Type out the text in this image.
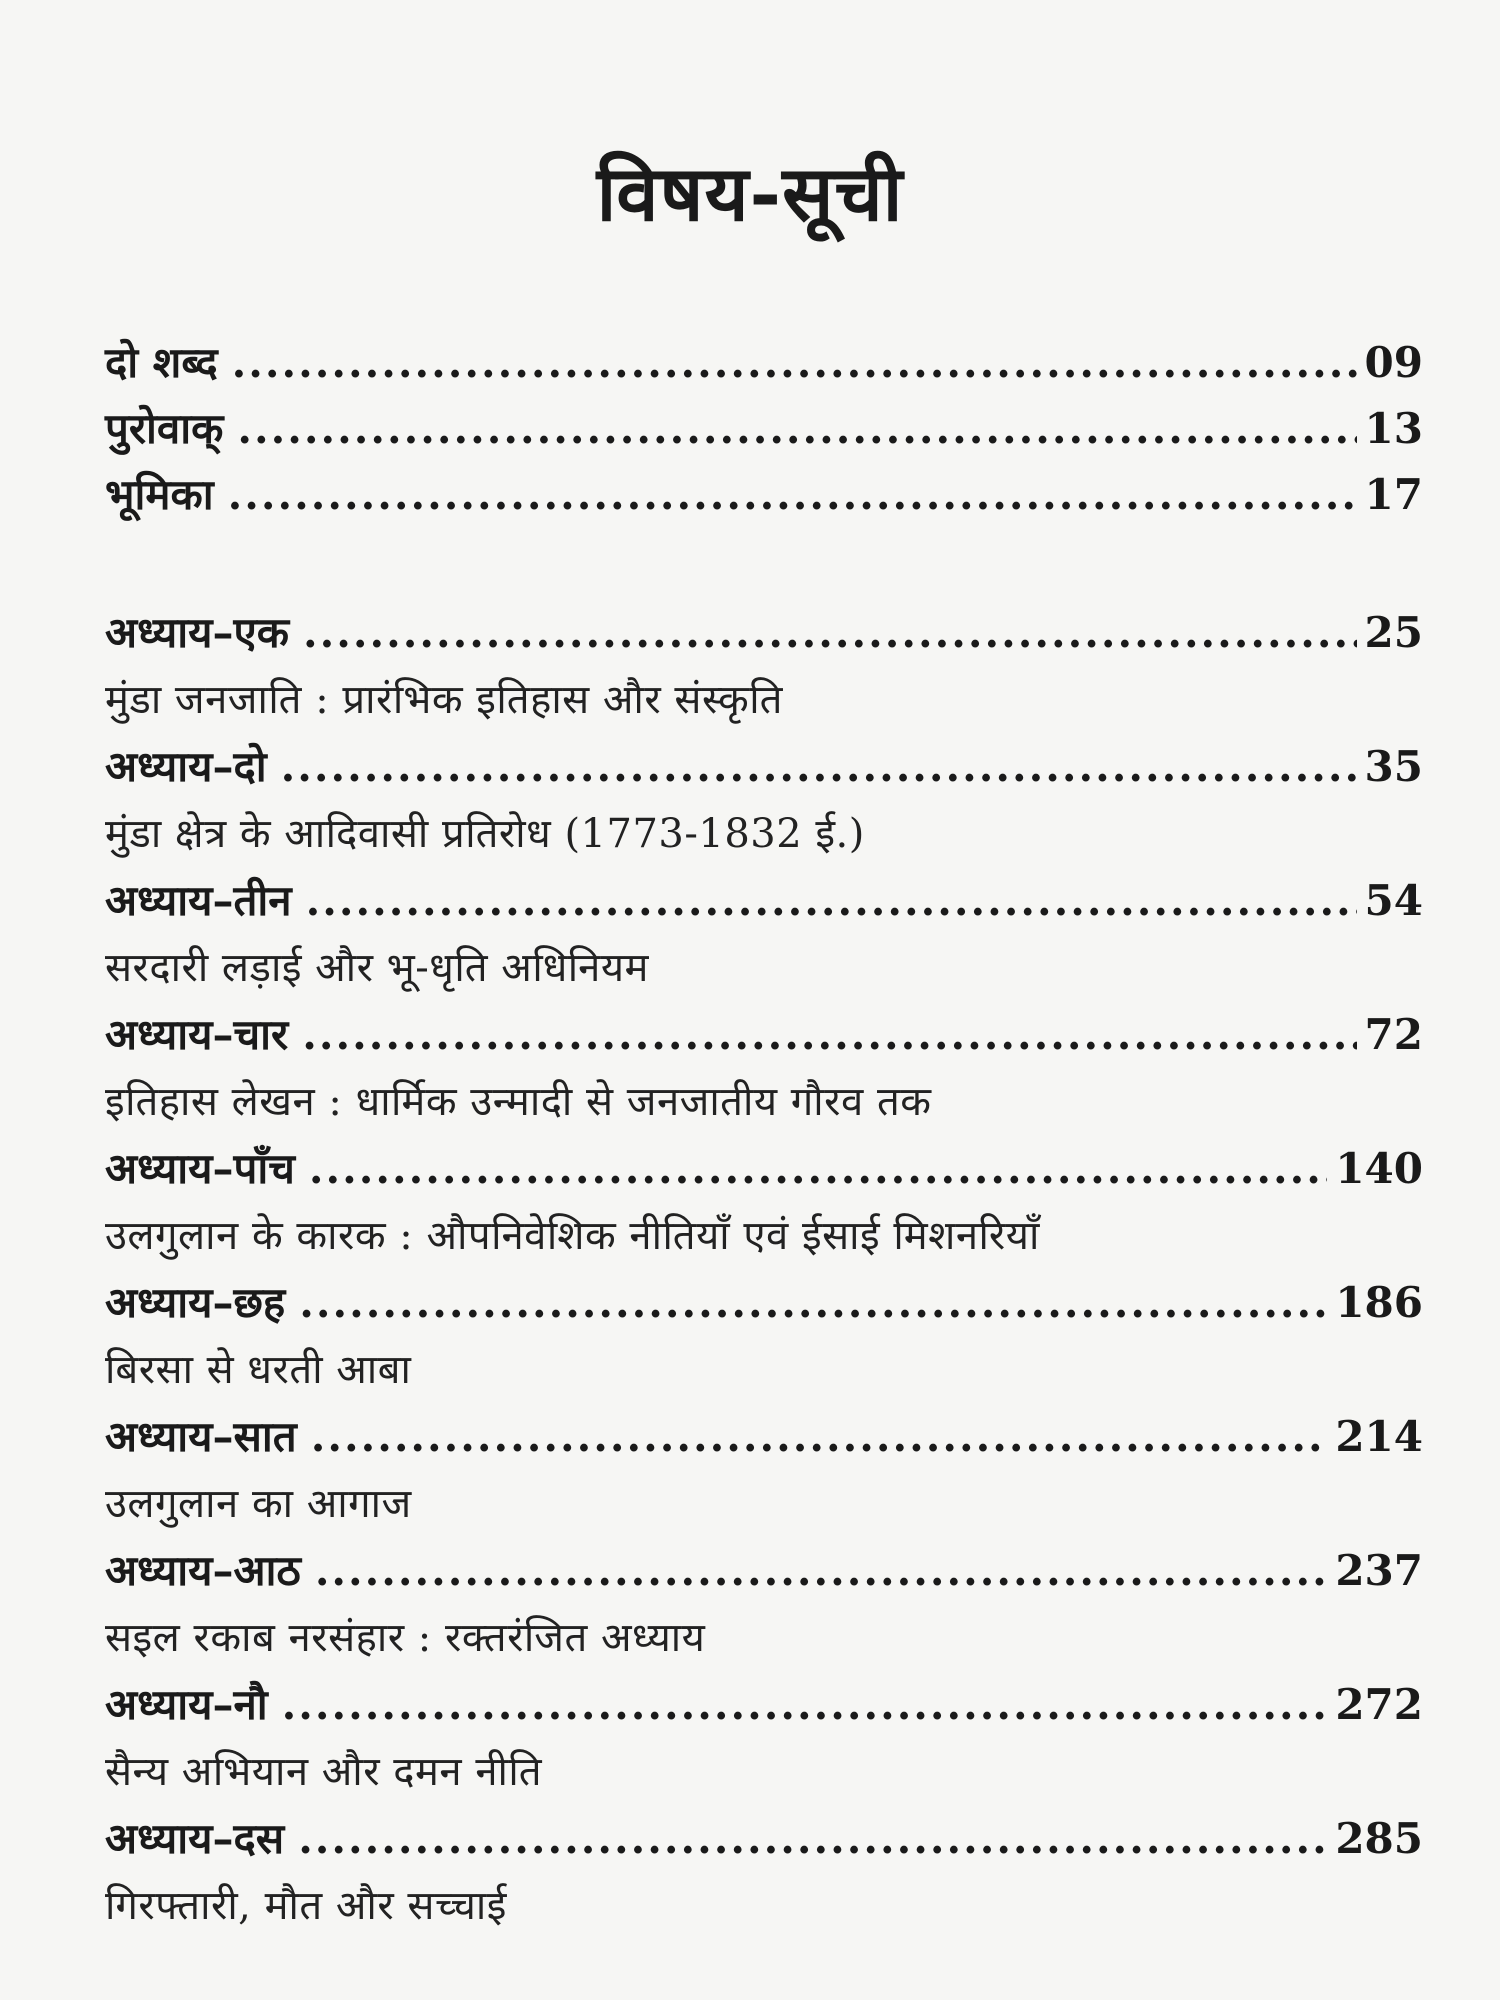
विषय-सूची
दो शब्द .....	09
पुरोवाक् .....	13
भूमिका .....	17
अध्याय–एक .....	25
मुंडा जनजाति : प्रारंभिक इतिहास और संस्कृति
अध्याय–दो .....	35
मुंडा क्षेत्र के आदिवासी प्रतिरोध (1773-1832 ई.)
अध्याय–तीन .....	54
सरदारी लड़ाई और भू-धृति अधिनियम
अध्याय–चार .....	72
इतिहास लेखन : धार्मिक उन्मादी से जनजातीय गौरव तक
अध्याय–पाँच .....	140
उलगुलान के कारक : औपनिवेशिक नीतियाँ एवं ईसाई मिशनरियाँ
अध्याय–छह .....	186
बिरसा से धरती आबा
अध्याय–सात .....	214
उलगुलान का आगाज
अध्याय–आठ .....	237
सइल रकाब नरसंहार : रक्तरंजित अध्याय
अध्याय–नौ .....	272
सैन्य अभियान और दमन नीति
अध्याय–दस .....	285
गिरफ्तारी, मौत और सच्चाई
